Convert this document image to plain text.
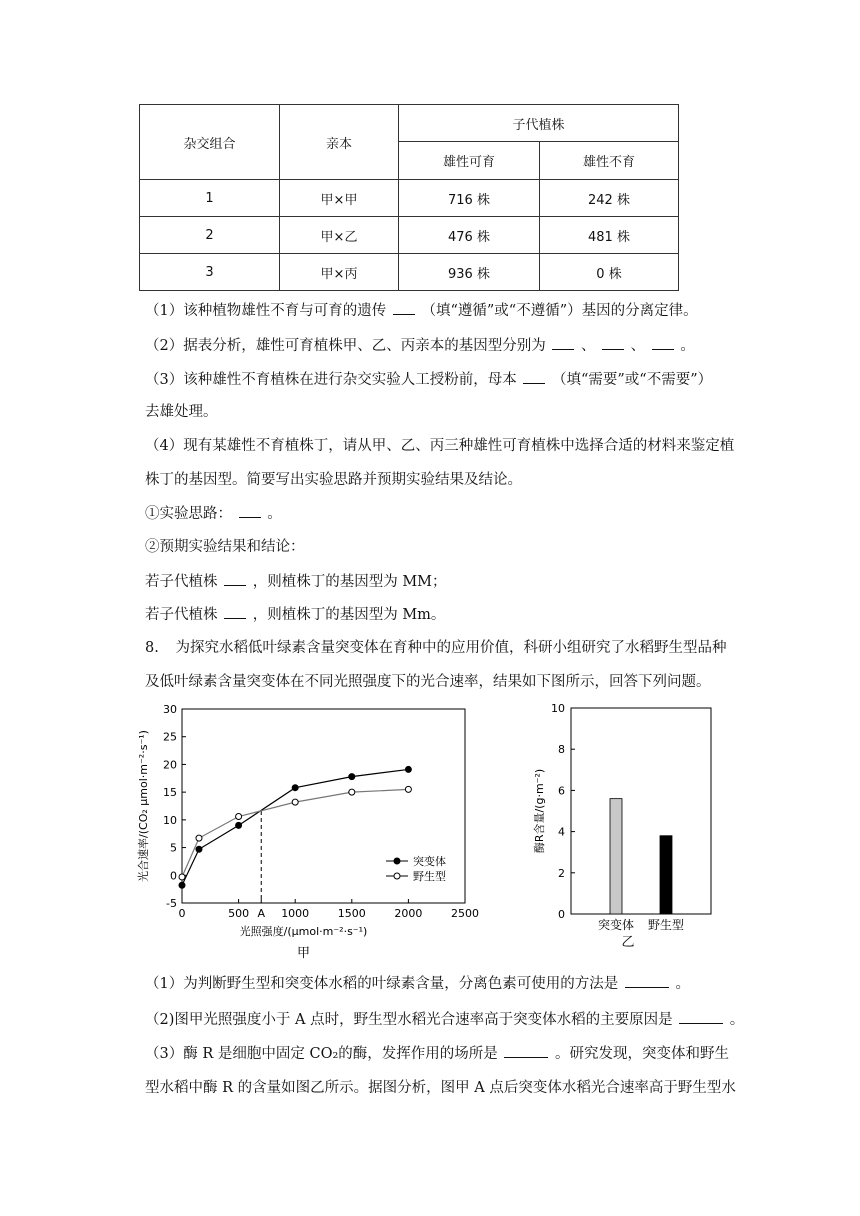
杂交组合	亲本	子代植株	
		雄性可育	雄性不育
1	甲×甲	716 株	242 株
2	甲×乙	476 株	481 株
3	甲×丙	936 株	0 株
（1）该种植物雄性不育与可育的遗传 （填“遵循”或“不遵循”）基因的分离定律。
（2）据表分析，雄性可育植株甲、乙、丙亲本的基因型分别为 、 、 。
（3）该种雄性不育植株在进行杂交实验人工授粉前，母本 （填“需要”或“不需要”）
去雄处理。
（4）现有某雄性不育植株丁，请从甲、乙、丙三种雄性可育植株中选择合适的材料来鉴定植
株丁的基因型。简要写出实验思路并预期实验结果及结论。
①实验思路： 。
②预期实验结果和结论：
若子代植株 ，则植株丁的基因型为 MM；
若子代植株 ，则植株丁的基因型为 Mm。
8. 为探究水稻低叶绿素含量突变体在育种中的应用价值，科研小组研究了水稻野生型品种
及低叶绿素含量突变体在不同光照强度下的光合速率，结果如下图所示，回答下列问题。
-5
0
5
10
15
20
25
30
0	500 A 1000	1500	2000	2500
突变体
野生型
光照强度/(μmol·m⁻²·s⁻¹)
甲
光合速率/(CO₂ μmol·m⁻²·s⁻¹)
0
2
4
6
8
10
突变体 野生型
乙
酶R含量/(g·m⁻²)
（1）为判断野生型和突变体水稻的叶绿素含量，分离色素可使用的方法是	。
（2)图甲光照强度小于 A 点时，野生型水稻光合速率高于突变体水稻的主要原因是	。
（3）酶 R 是细胞中固定 CO₂的酶，发挥作用的场所是	。研究发现，突变体和野生
型水稻中酶 R 的含量如图乙所示。据图分析，图甲 A 点后突变体水稻光合速率高于野生型水
